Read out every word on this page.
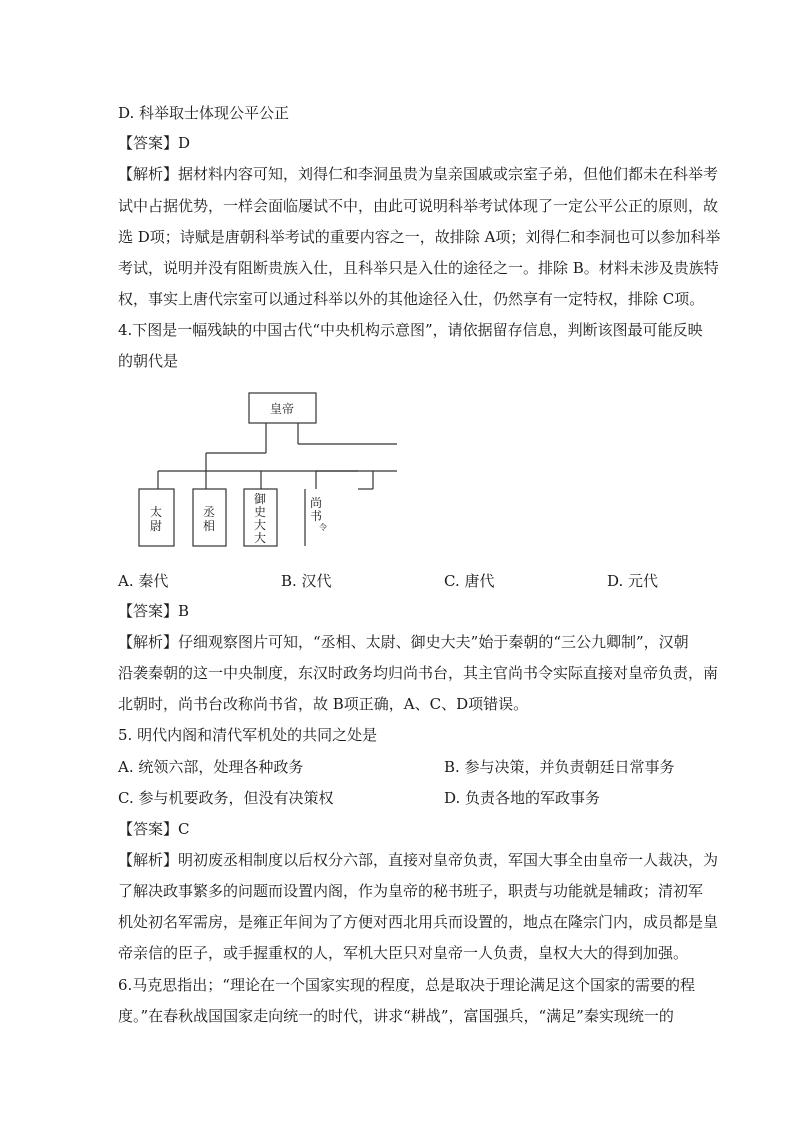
D. 科举取士体现公平公正
【答案】D
【解析】据材料内容可知，刘得仁和李洞虽贵为皇亲国戚或宗室子弟，但他们都未在科举考
试中占据优势，一样会面临屡试不中，由此可说明科举考试体现了一定公平公正的原则，故
选 D项；诗赋是唐朝科举考试的重要内容之一，故排除 A项；刘得仁和李洞也可以参加科举
考试，说明并没有阻断贵族入仕，且科举只是入仕的途径之一。排除 B。材料未涉及贵族特
权，事实上唐代宗室可以通过科举以外的其他途径入仕，仍然享有一定特权，排除 C项。
4.下图是一幅残缺的中国古代“中央机构示意图”，请依据留存信息，判断该图最可能反映
的朝代是
皇帝
太
尉
丞
相
御
史
大
大
尚
书
令
A. 秦代	B. 汉代	C. 唐代	D. 元代
【答案】B
【解析】仔细观察图片可知，“丞相、太尉、御史大夫”始于秦朝的“三公九卿制”，汉朝
沿袭秦朝的这一中央制度，东汉时政务均归尚书台，其主官尚书令实际直接对皇帝负责，南
北朝时，尚书台改称尚书省，故 B项正确，A、C、D项错误。
5. 明代内阁和清代军机处的共同之处是
A. 统领六部，处理各种政务	B. 参与决策，并负责朝廷日常事务
C. 参与机要政务，但没有决策权	D. 负责各地的军政事务
【答案】C
【解析】明初废丞相制度以后权分六部，直接对皇帝负责，军国大事全由皇帝一人裁决，为
了解决政事繁多的问题而设置内阁，作为皇帝的秘书班子，职责与功能就是辅政；清初军
机处初名军需房，是雍正年间为了方便对西北用兵而设置的，地点在隆宗门内，成员都是皇
帝亲信的臣子，或手握重权的人，军机大臣只对皇帝一人负责，皇权大大的得到加强。
6.马克思指出；“理论在一个国家实现的程度，总是取决于理论满足这个国家的需要的程
度。”在春秋战国国家走向统一的时代，讲求“耕战”，富国强兵，“满足”秦实现统一的
